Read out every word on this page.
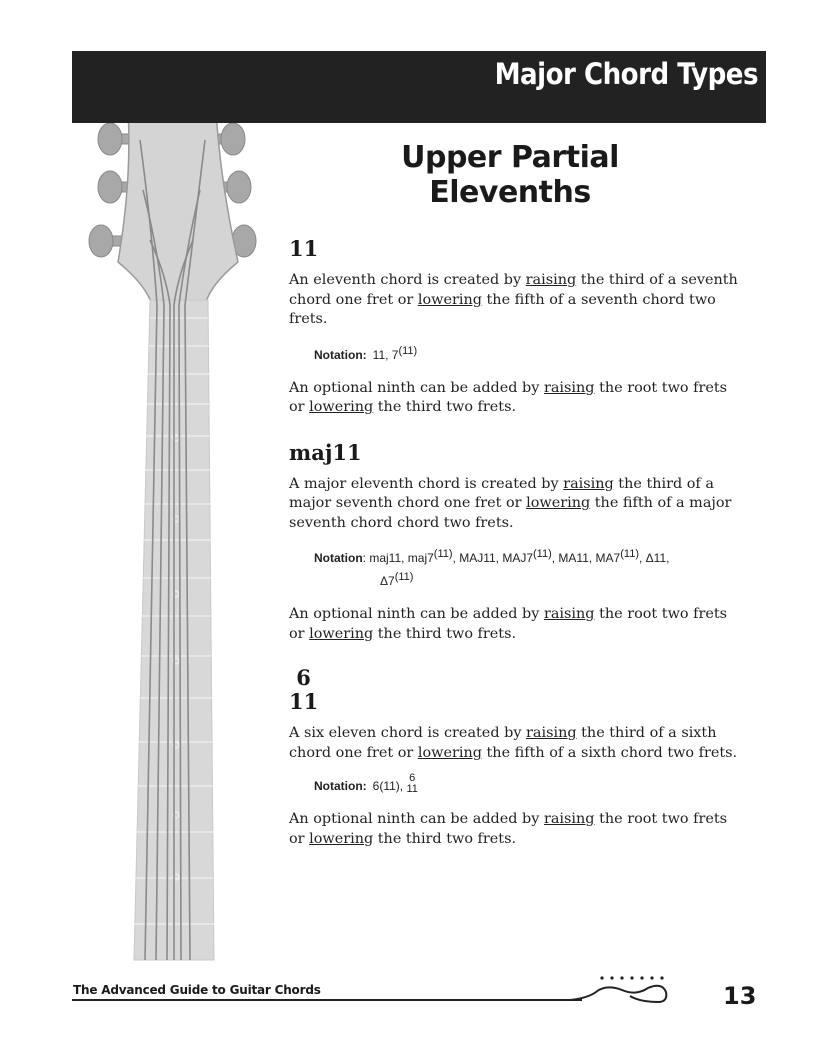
Major Chord Types
Upper Partial Elevenths
11

An eleventh chord is created by raising the third of a seventh chord one fret or lowering the fifth of a seventh chord two frets.

Notation: 11, 7$^{(11)}$

An optional ninth can be added by raising the root two frets or lowering the third two frets.

maj11

A major eleventh chord is created by raising the third of a major seventh chord one fret or lowering the fifth of a major seventh chord chord two frets.

Notation: maj11, maj7$^{(11)}$, MAJ11, MAJ7$^{(11)}$, MA11, MA7$^{(11)}$, Δ11,
Δ7$^{(11)}$

An optional ninth can be added by raising the root two frets or lowering the third two frets.

6
11

A six eleven chord is created by raising the third of a sixth chord one fret or lowering the fifth of a sixth chord two frets.

Notation: 6(11),
6
11

An optional ninth can be added by raising the root two frets or lowering the third two frets.

The Advanced Guide to Guitar Chords	13
